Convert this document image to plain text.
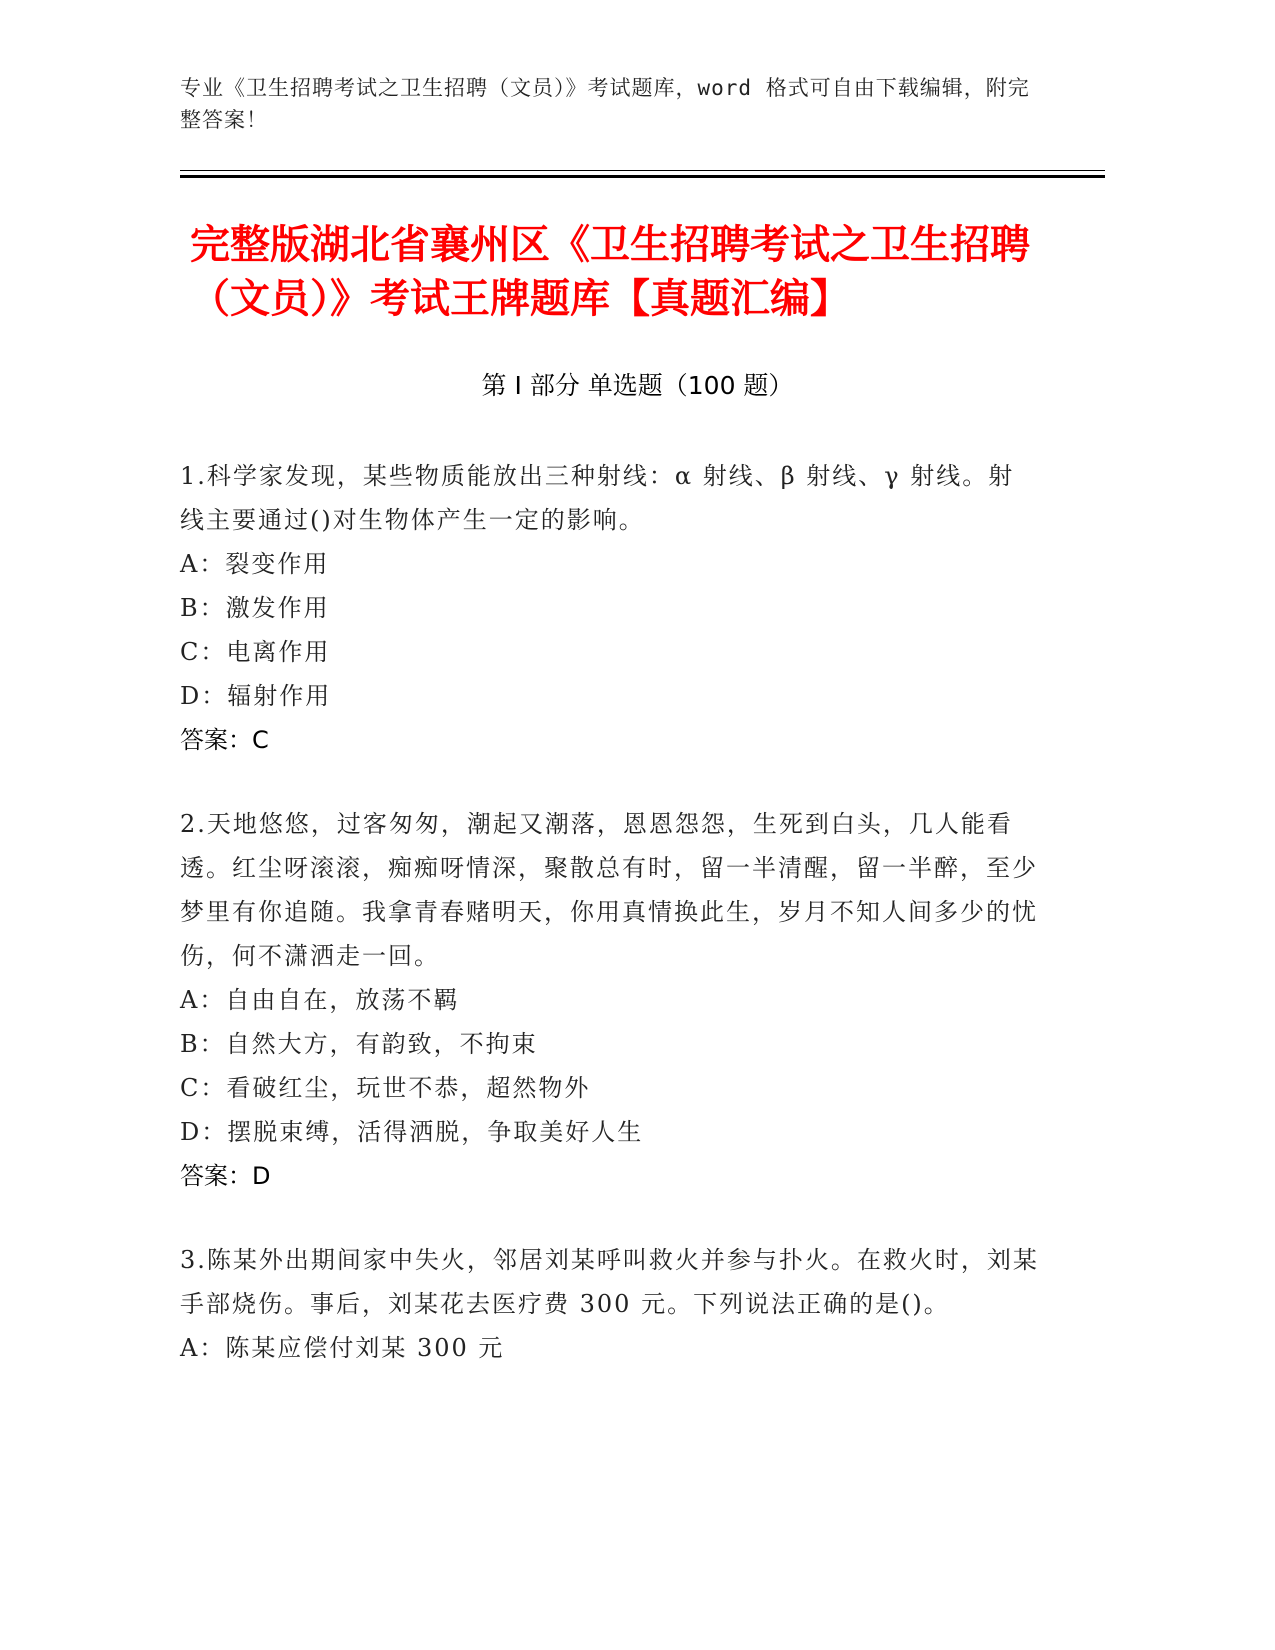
专业《卫生招聘考试之卫生招聘（文员）》考试题库，word 格式可自由下载编辑，附完整答案！
完整版湖北省襄州区《卫生招聘考试之卫生招聘（文员）》考试王牌题库【真题汇编】
第 I 部分 单选题（100 题）

1.科学家发现，某些物质能放出三种射线：α 射线、β 射线、γ 射线。射线主要通过()对生物体产生一定的影响。

A：裂变作用

B：激发作用

C：电离作用

D：辐射作用

答案：C

2.天地悠悠，过客匆匆，潮起又潮落，恩恩怨怨，生死到白头，几人能看透。红尘呀滚滚，痴痴呀情深，聚散总有时，留一半清醒，留一半醉，至少梦里有你追随。我拿青春赌明天，你用真情换此生，岁月不知人间多少的忧伤，何不潇洒走一回。

A：自由自在，放荡不羁

B：自然大方，有韵致，不拘束

C：看破红尘，玩世不恭，超然物外

D：摆脱束缚，活得洒脱，争取美好人生

答案：D

3.陈某外出期间家中失火，邻居刘某呼叫救火并参与扑火。在救火时，刘某手部烧伤。事后，刘某花去医疗费 300 元。下列说法正确的是()。

A：陈某应偿付刘某 300 元
